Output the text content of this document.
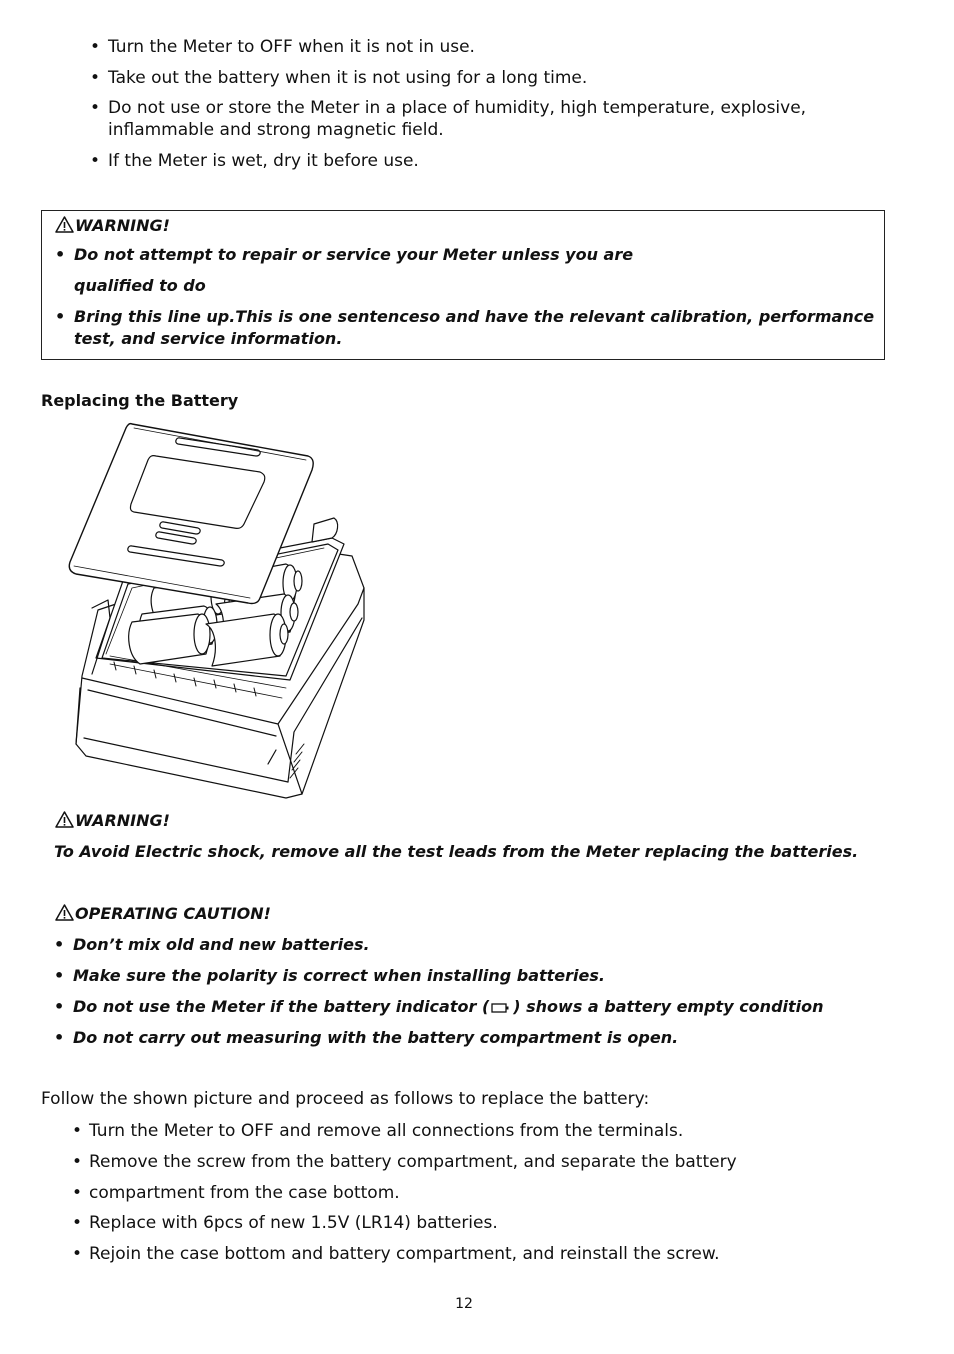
• Turn the Meter to OFF when it is not in use.
• Take out the battery when it is not using for a long time.
• Do not use or store the Meter in a place of humidity, high temperature, explosive, inflammable and strong magnetic field.
• If the Meter is wet, dry it before use.
WARNING!
• Do not attempt to repair or service your Meter unless you are
qualified to do
• Bring this line up.This is one sentenceso and have the relevant calibration, performance test, and service information.
Replacing the Battery
WARNING!
To Avoid Electric shock, remove all the test leads from the Meter replacing the batteries.
OPERATING CAUTION!
• Don’t mix old and new batteries.
• Make sure the polarity is correct when installing batteries.
• Do not use the Meter if the battery indicator ( ) shows a battery empty condition
• Do not carry out measuring with the battery compartment is open.
Follow the shown picture and proceed as follows to replace the battery:
• Turn the Meter to OFF and remove all connections from the terminals.
• Remove the screw from the battery compartment, and separate the battery
• compartment from the case bottom.
• Replace with 6pcs of new 1.5V (LR14) batteries.
• Rejoin the case bottom and battery compartment, and reinstall the screw.
12
